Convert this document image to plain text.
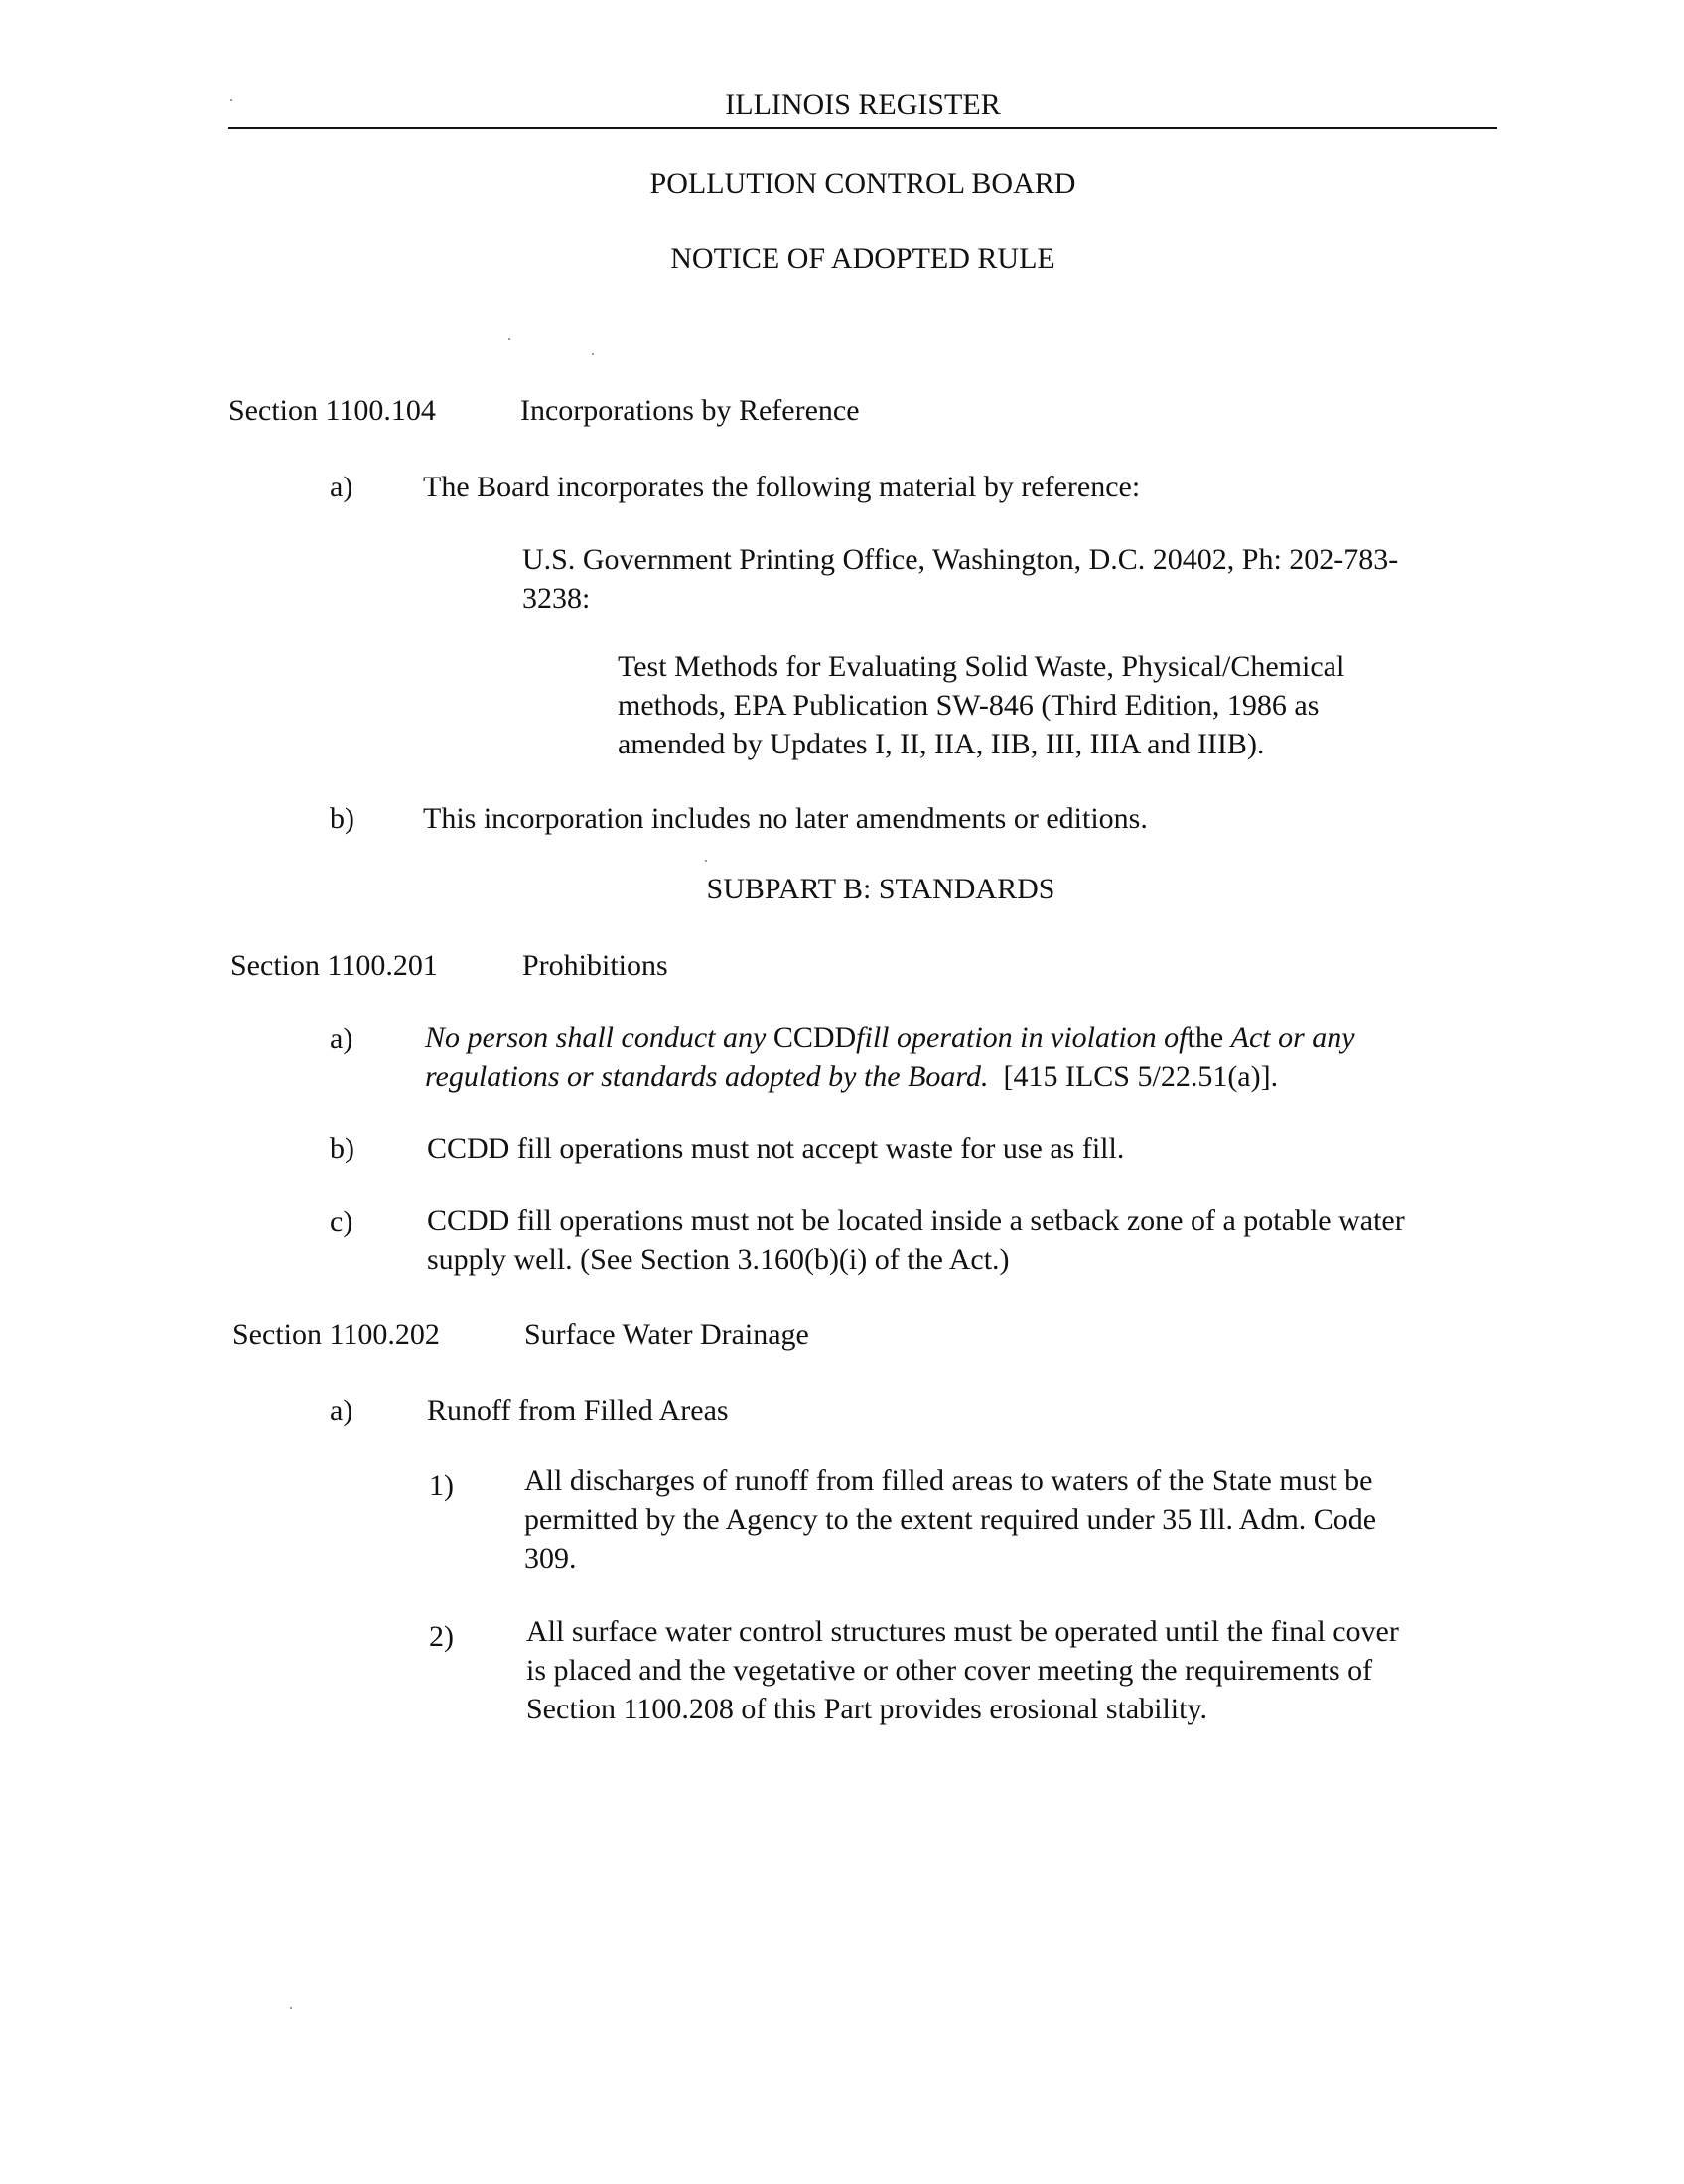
ILLINOIS REGISTER
POLLUTION CONTROL BOARD
NOTICE OF ADOPTED RULE
Section 1100.104	Incorporations by Reference
a) The Board incorporates the following material by reference:
U.S. Government Printing Office, Washington, D.C. 20402, Ph: 202-783-
3238:
Test Methods for Evaluating Solid Waste, Physical/Chemical
methods, EPA Publication SW-846 (Third Edition, 1986 as
amended by Updates I, II, IIA, IIB, III, IIIA and IIIB).
b) This incorporation includes no later amendments or editions.
SUBPART B: STANDARDS
Section 1100.201	Prohibitions
a) No person shall conduct any CCDDfill operation in violation ofthe Act or any
regulations or standards adopted by the Board. [415 ILCS 5/22.51(a)].
b) CCDD fill operations must not accept waste for use as fill.
c) CCDD fill operations must not be located inside a setback zone of a potable water
supply well. (See Section 3.160(b)(i) of the Act.)
Section 1100.202	Surface Water Drainage
a) Runoff from Filled Areas
1) All discharges of runoff from filled areas to waters of the State must be
permitted by the Agency to the extent required under 35 Ill. Adm. Code
309.
2) All surface water control structures must be operated until the final cover
is placed and the vegetative or other cover meeting the requirements of
Section 1100.208 of this Part provides erosional stability.
